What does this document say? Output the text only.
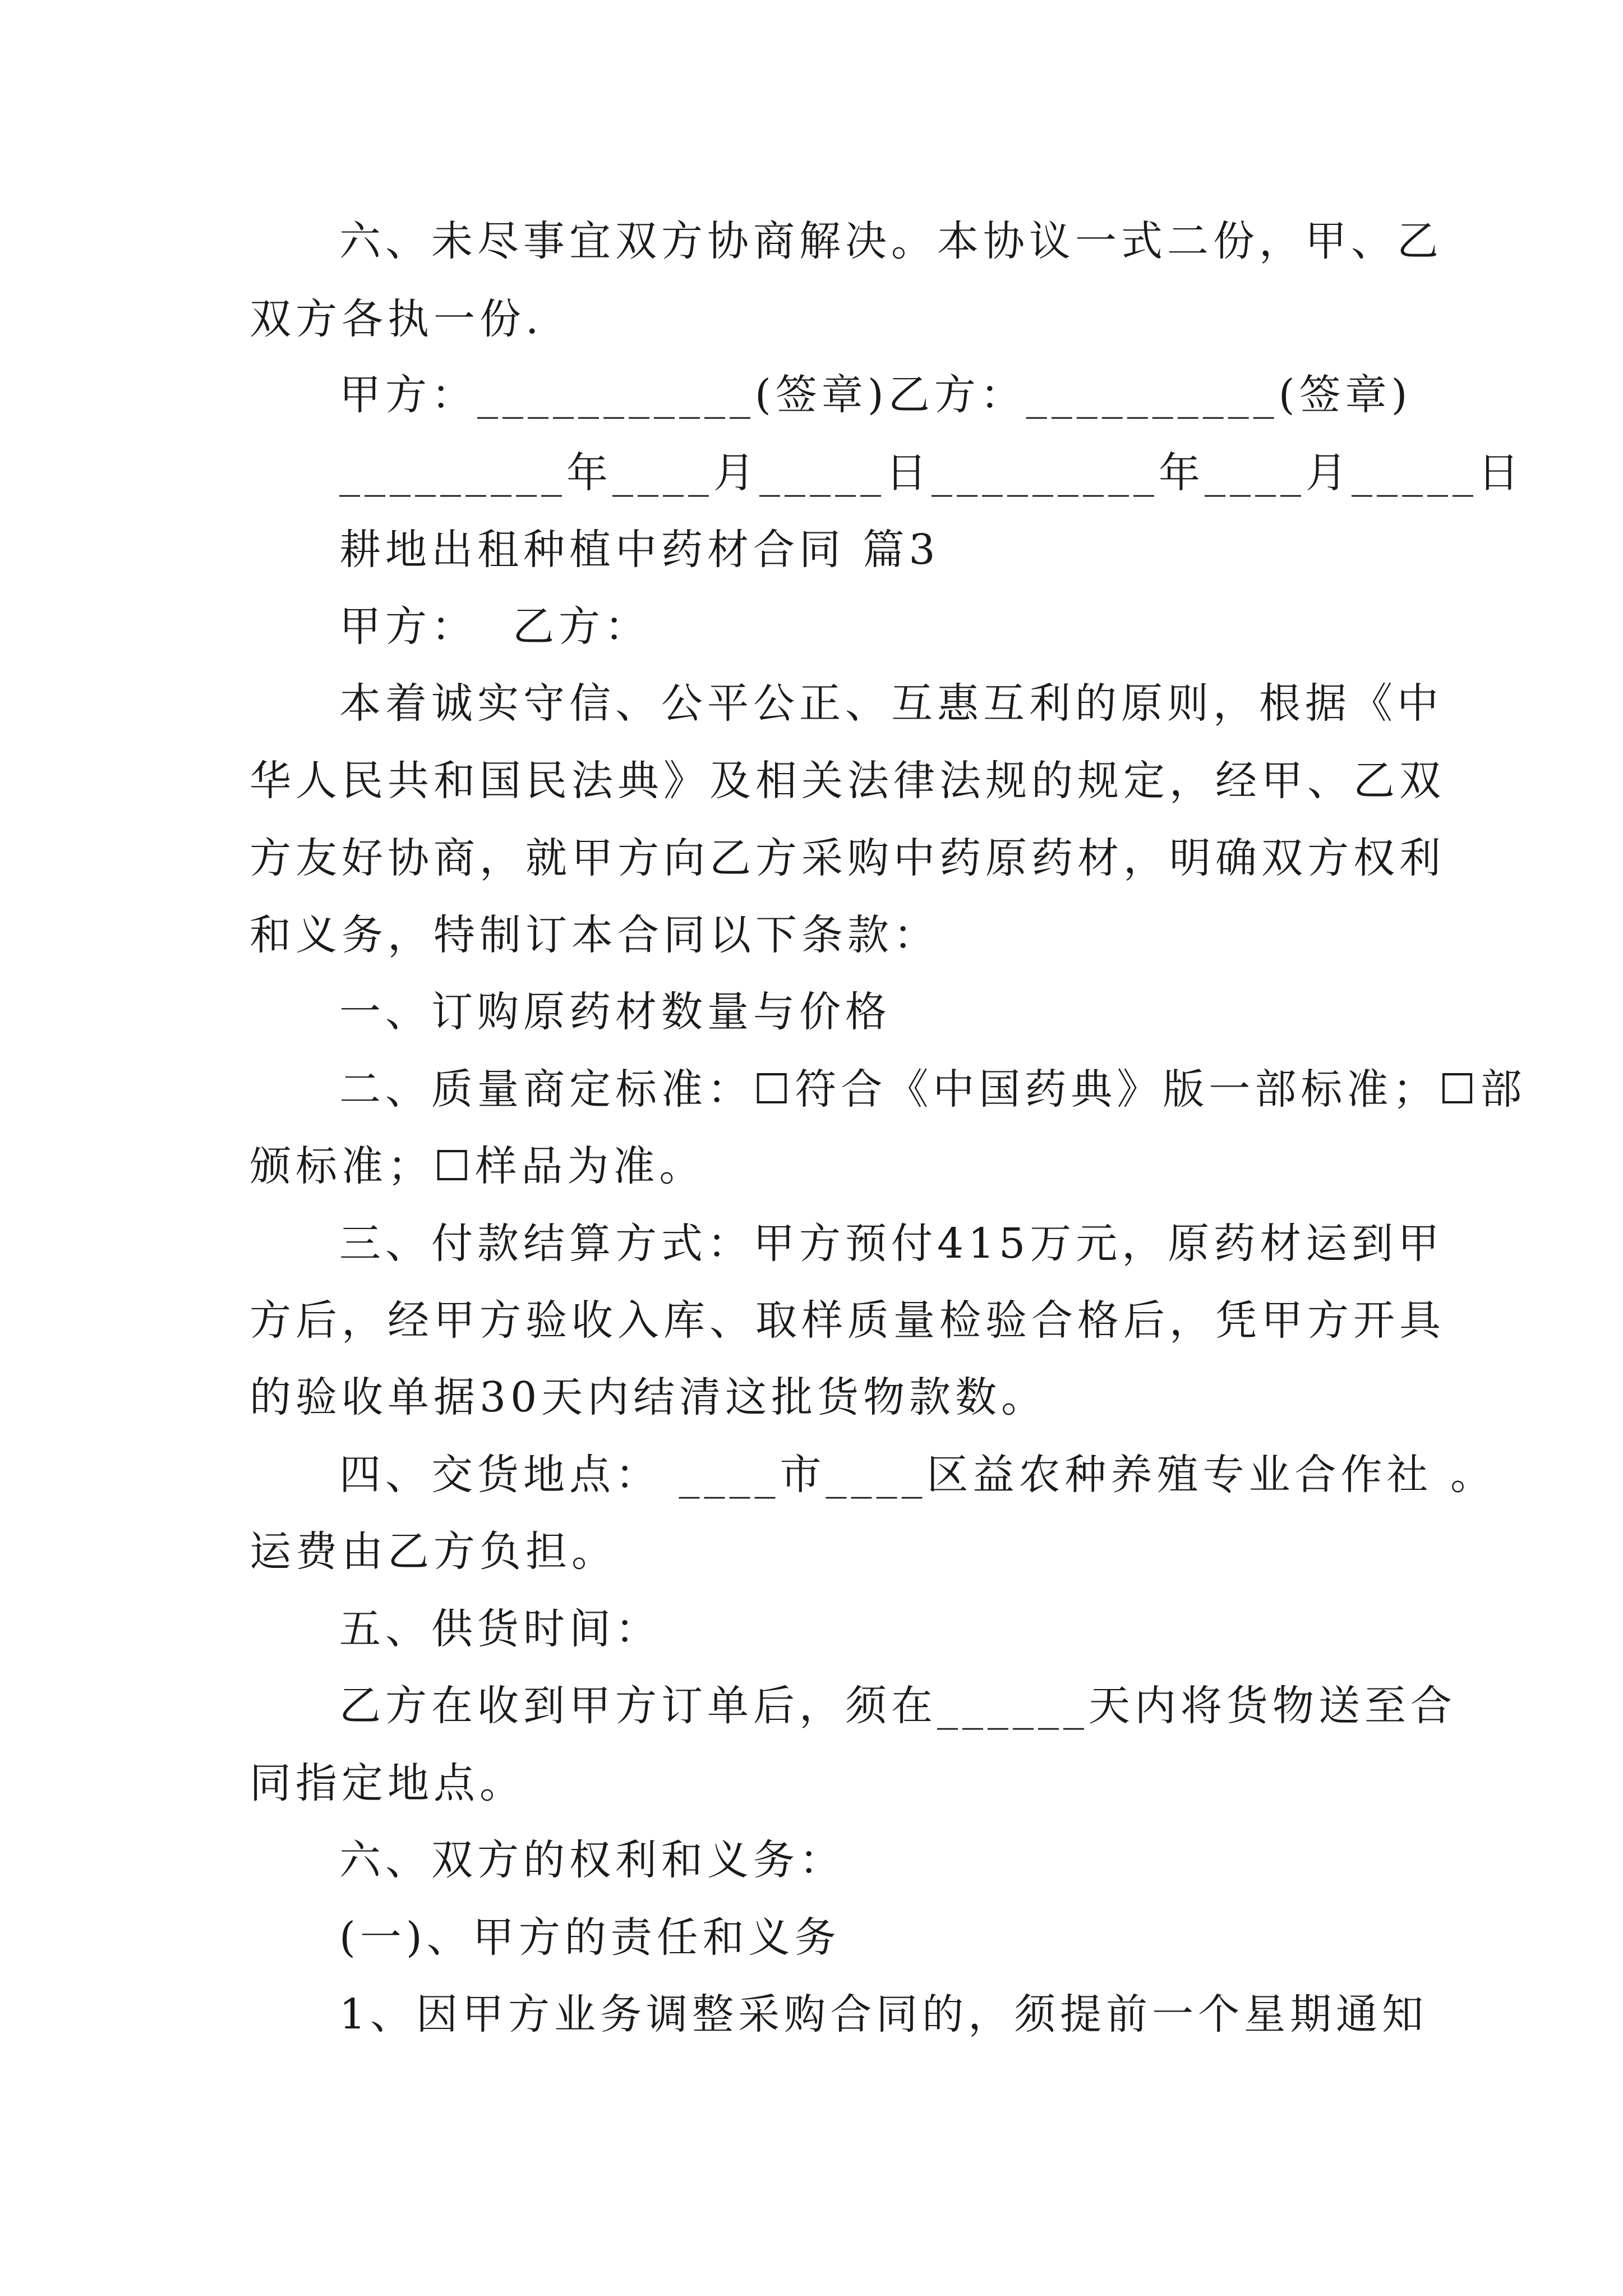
六、未尽事宜双方协商解决。本协议一式二份，甲、乙
双方各执一份.
甲方：___________(签章)乙方：__________(签章)
_________年____月_____日_________年____月_____日
耕地出租种植中药材合同 篇3
甲方：  乙方：
本着诚实守信、公平公正、互惠互利的原则，根据《中
华人民共和国民法典》及相关法律法规的规定，经甲、乙双
方友好协商，就甲方向乙方采购中药原药材，明确双方权利
和义务，特制订本合同以下条款：
一、订购原药材数量与价格
二、质量商定标准：☐符合《中国药典》版一部标准；☐部
颁标准；☐样品为准。
三、付款结算方式：甲方预付415万元，原药材运到甲
方后，经甲方验收入库、取样质量检验合格后，凭甲方开具
的验收单据30天内结清这批货物款数。
四、交货地点： ____市____区益农种养殖专业合作社 。
运费由乙方负担。
五、供货时间：
乙方在收到甲方订单后，须在______天内将货物送至合
同指定地点。
六、双方的权利和义务：
(一)、甲方的责任和义务
1、因甲方业务调整采购合同的，须提前一个星期通知
